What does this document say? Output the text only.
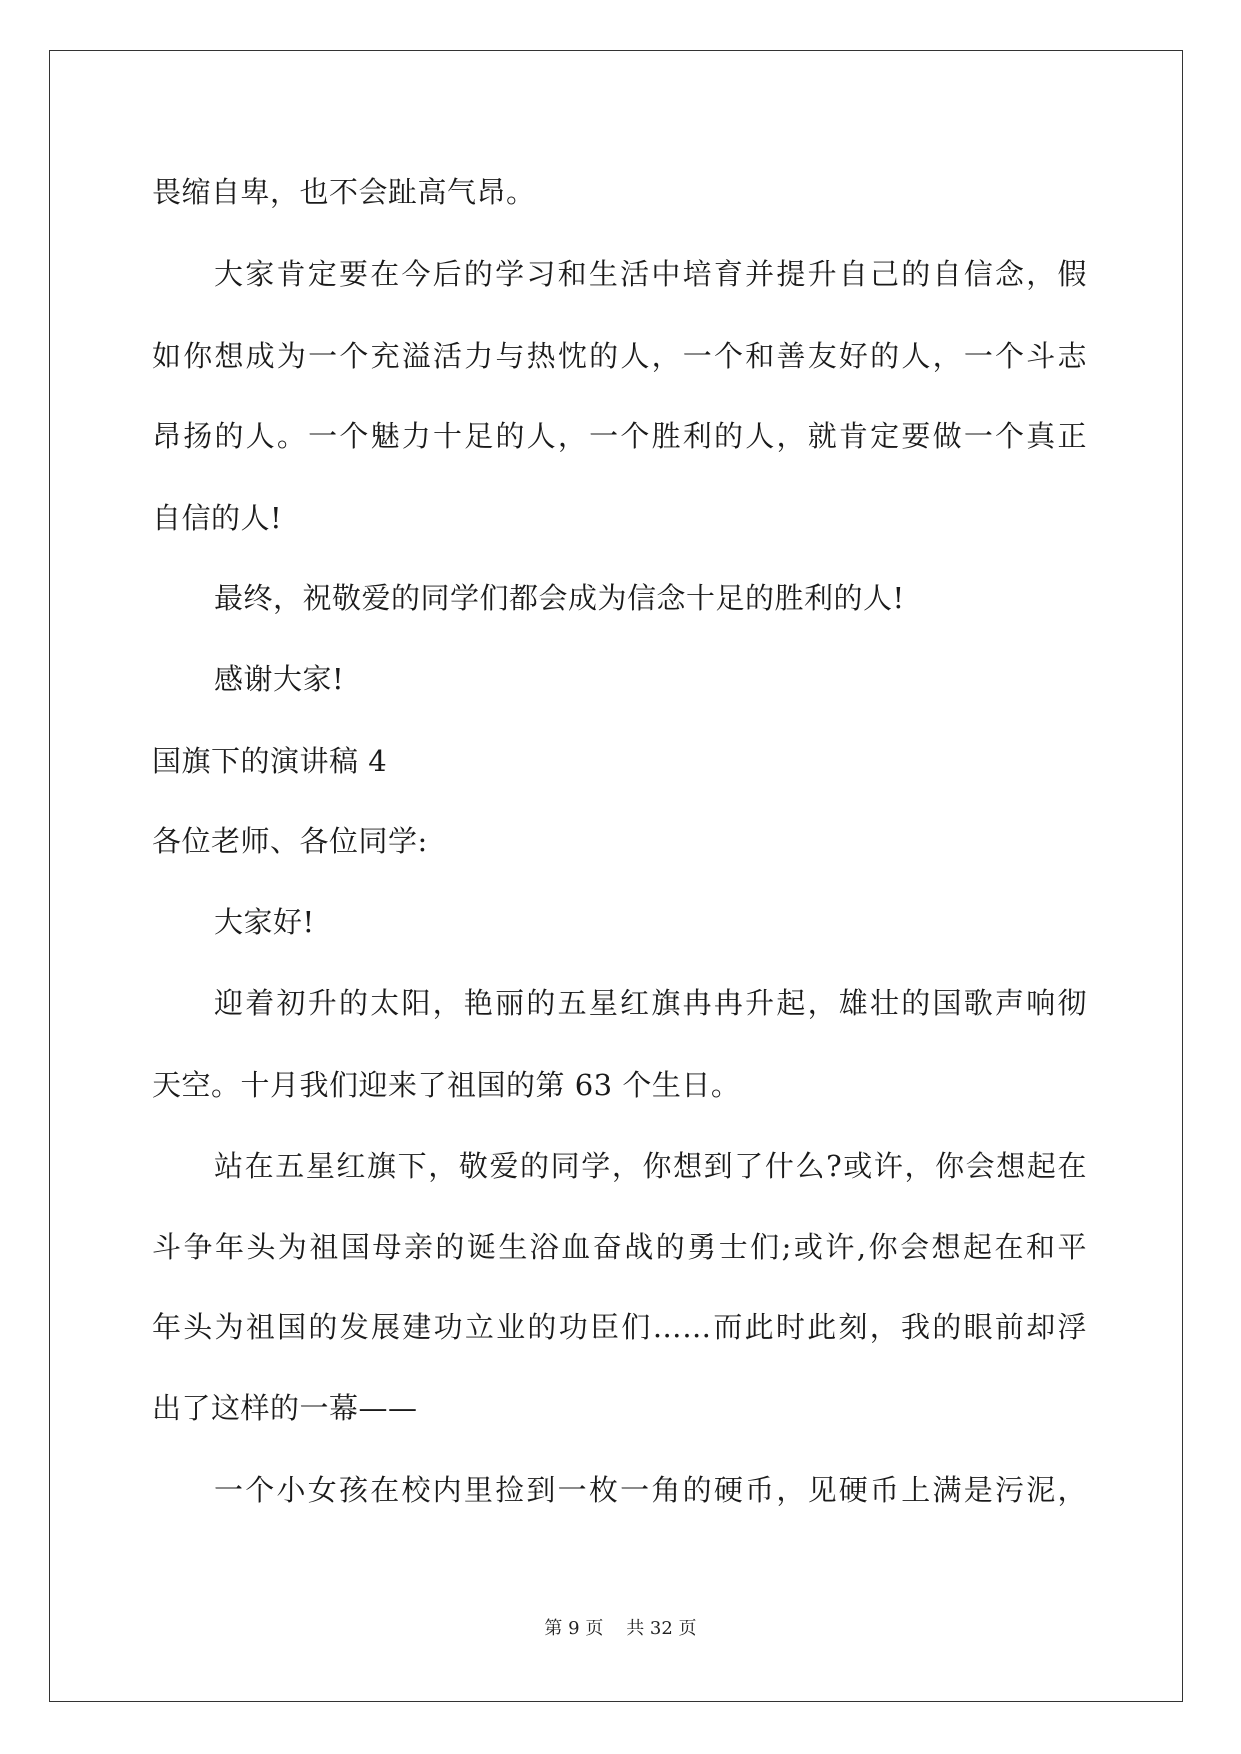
畏缩自卑，也不会趾高气昂。
大家肯定要在今后的学习和生活中培育并提升自己的自信念，假
如你想成为一个充溢活力与热忱的人，一个和善友好的人，一个斗志
昂扬的人。一个魅力十足的人，一个胜利的人，就肯定要做一个真正
自信的人!
最终，祝敬爱的同学们都会成为信念十足的胜利的人!
感谢大家!
国旗下的演讲稿 4
各位老师、各位同学:
大家好!
迎着初升的太阳，艳丽的五星红旗冉冉升起，雄壮的国歌声响彻
天空。十月我们迎来了祖国的第 63 个生日。
站在五星红旗下，敬爱的同学，你想到了什么?或许，你会想起在
斗争年头为祖国母亲的诞生浴血奋战的勇士们;或许,你会想起在和平
年头为祖国的发展建功立业的功臣们……而此时此刻，我的眼前却浮
出了这样的一幕——
一个小女孩在校内里捡到一枚一角的硬币，见硬币上满是污泥，
第 9 页    共 32 页
